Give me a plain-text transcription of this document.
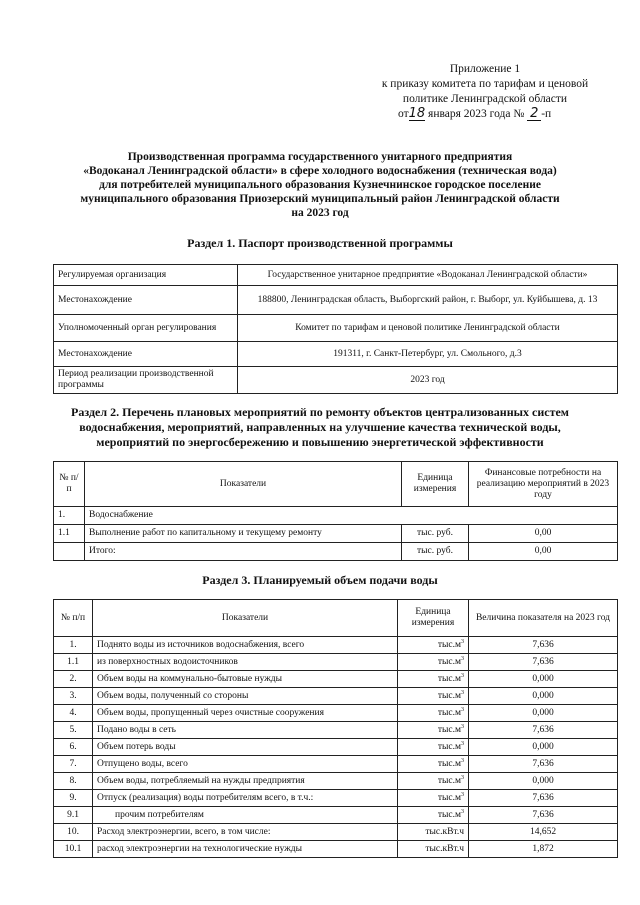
Приложение 1
к приказу комитета по тарифам и ценовой
политике Ленинградской области
от18 января 2023 года № 2 -п
Производственная программа государственного унитарного предприятия
«Водоканал Ленинградской области» в сфере холодного водоснабжения (техническая вода)
для потребителей муниципального образования Кузнечнинское городское поселение
муниципального образования Приозерский муниципальный район Ленинградской области
на 2023 год
Раздел 1. Паспорт производственной программы
Регулируемая организация	Государственное унитарное предприятие «Водоканал Ленинградской области»
Местонахождение	188800, Ленинградская область, Выборгский район, г. Выборг, ул. Куйбышева, д. 13
Уполномоченный орган регулирования	Комитет по тарифам и ценовой политике Ленинградской области
Местонахождение	191311, г. Санкт-Петербург, ул. Смольного, д.3
Период реализации производственной программы	2023 год
Раздел 2. Перечень плановых мероприятий по ремонту объектов централизованных систем
водоснабжения, мероприятий, направленных на улучшение качества технической воды,
мероприятий по энергосбережению и повышению энергетической эффективности
№ п/п	Показатели	Единица измерения	Финансовые потребности на реализацию мероприятий в 2023 году
1.	Водоснабжение		
1.1	Выполнение работ по капитальному и текущему ремонту	тыс. руб.	0,00
	Итого:	тыс. руб.	0,00
Раздел 3. Планируемый объем подачи воды
№ п/п	Показатели	Единица измерения	Величина показателя на 2023 год
1.	Поднято воды из источников водоснабжения, всего	$тыс.м^3$	7,636
1.1	из поверхностных водоисточников	$тыс.м^3$	7,636
2.	Объем воды на коммунально-бытовые нужды	$тыс.м^3$	0,000
3.	Объем воды, полученный со стороны	$тыс.м^3$	0,000
4.	Объем воды, пропущенный через очистные сооружения	$тыс.м^3$	0,000
5.	Подано воды в сеть	$тыс.м^3$	7,636
6.	Объем потерь воды	$тыс.м^3$	0,000
7.	Отпущено воды, всего	$тыс.м^3$	7,636
8.	Объем воды, потребляемый на нужды предприятия	$тыс.м^3$	0,000
9.	Отпуск (реализация) воды потребителям всего, в т.ч.:	$тыс.м^3$	7,636
9.1	прочим потребителям	$тыс.м^3$	7,636
10.	Расход электроэнергии, всего, в том числе:	тыс.кВт.ч	14,652
10.1	расход электроэнергии на технологические нужды	тыс.кВт.ч	1,872
